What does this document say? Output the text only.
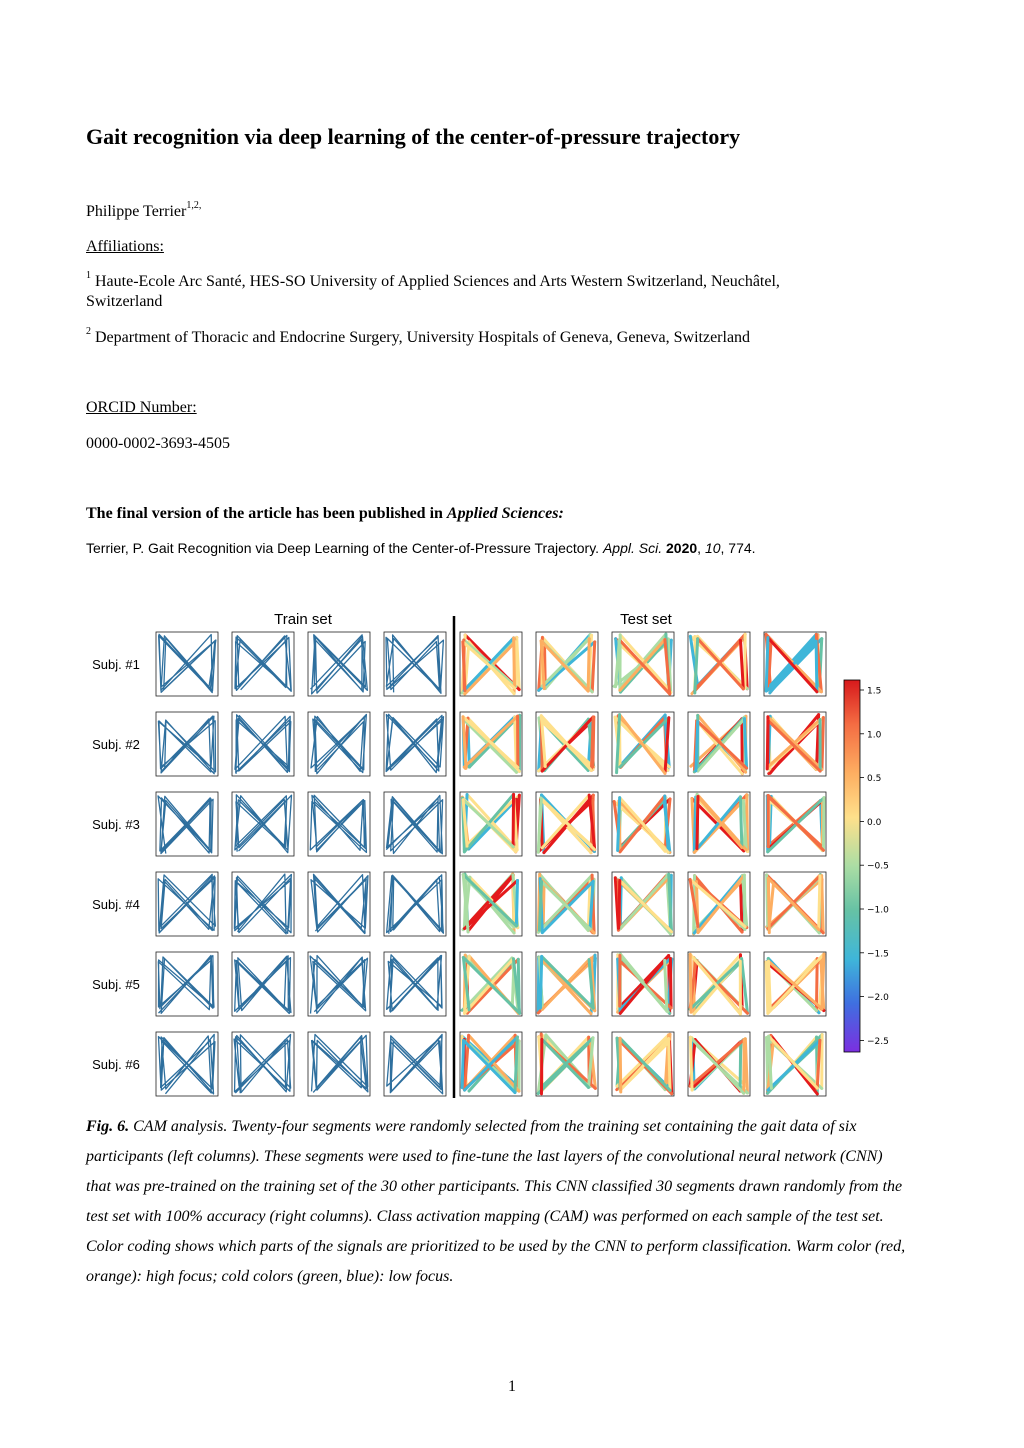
Gait recognition via deep learning of the center-of-pressure trajectory
Philippe Terrier$^{1,2,}$
Affiliations:
$^1$ Haute-Ecole Arc Santé, HES-SO University of Applied Sciences and Arts Western Switzerland, Neuchâtel,
Switzerland
$^2$ Department of Thoracic and Endocrine Surgery, University Hospitals of Geneva, Geneva, Switzerland
ORCID Number:
0000-0002-3693-4505
The final version of the article has been published in Applied Sciences:
Terrier, P. Gait Recognition via Deep Learning of the Center-of-Pressure Trajectory. Appl. Sci. 2020, 10, 774.
Train set	Test set
Subj. #1
Subj. #2
Subj. #3
Subj. #4
Subj. #5
Subj. #6
1.5
1.0
0.5
0.0
−0.5
−1.0
−1.5
−2.0
−2.5
Fig. 6. CAM analysis. Twenty-four segments were randomly selected from the training set containing the gait data of six participants (left columns). These segments were used to fine-tune the last layers of the convolutional neural network (CNN) that was pre-trained on the training set of the 30 other participants. This CNN classified 30 segments drawn randomly from the test set with 100% accuracy (right columns). Class activation mapping (CAM) was performed on each sample of the test set. Color coding shows which parts of the signals are prioritized to be used by the CNN to perform classification. Warm color (red, orange): high focus; cold colors (green, blue): low focus.
1
